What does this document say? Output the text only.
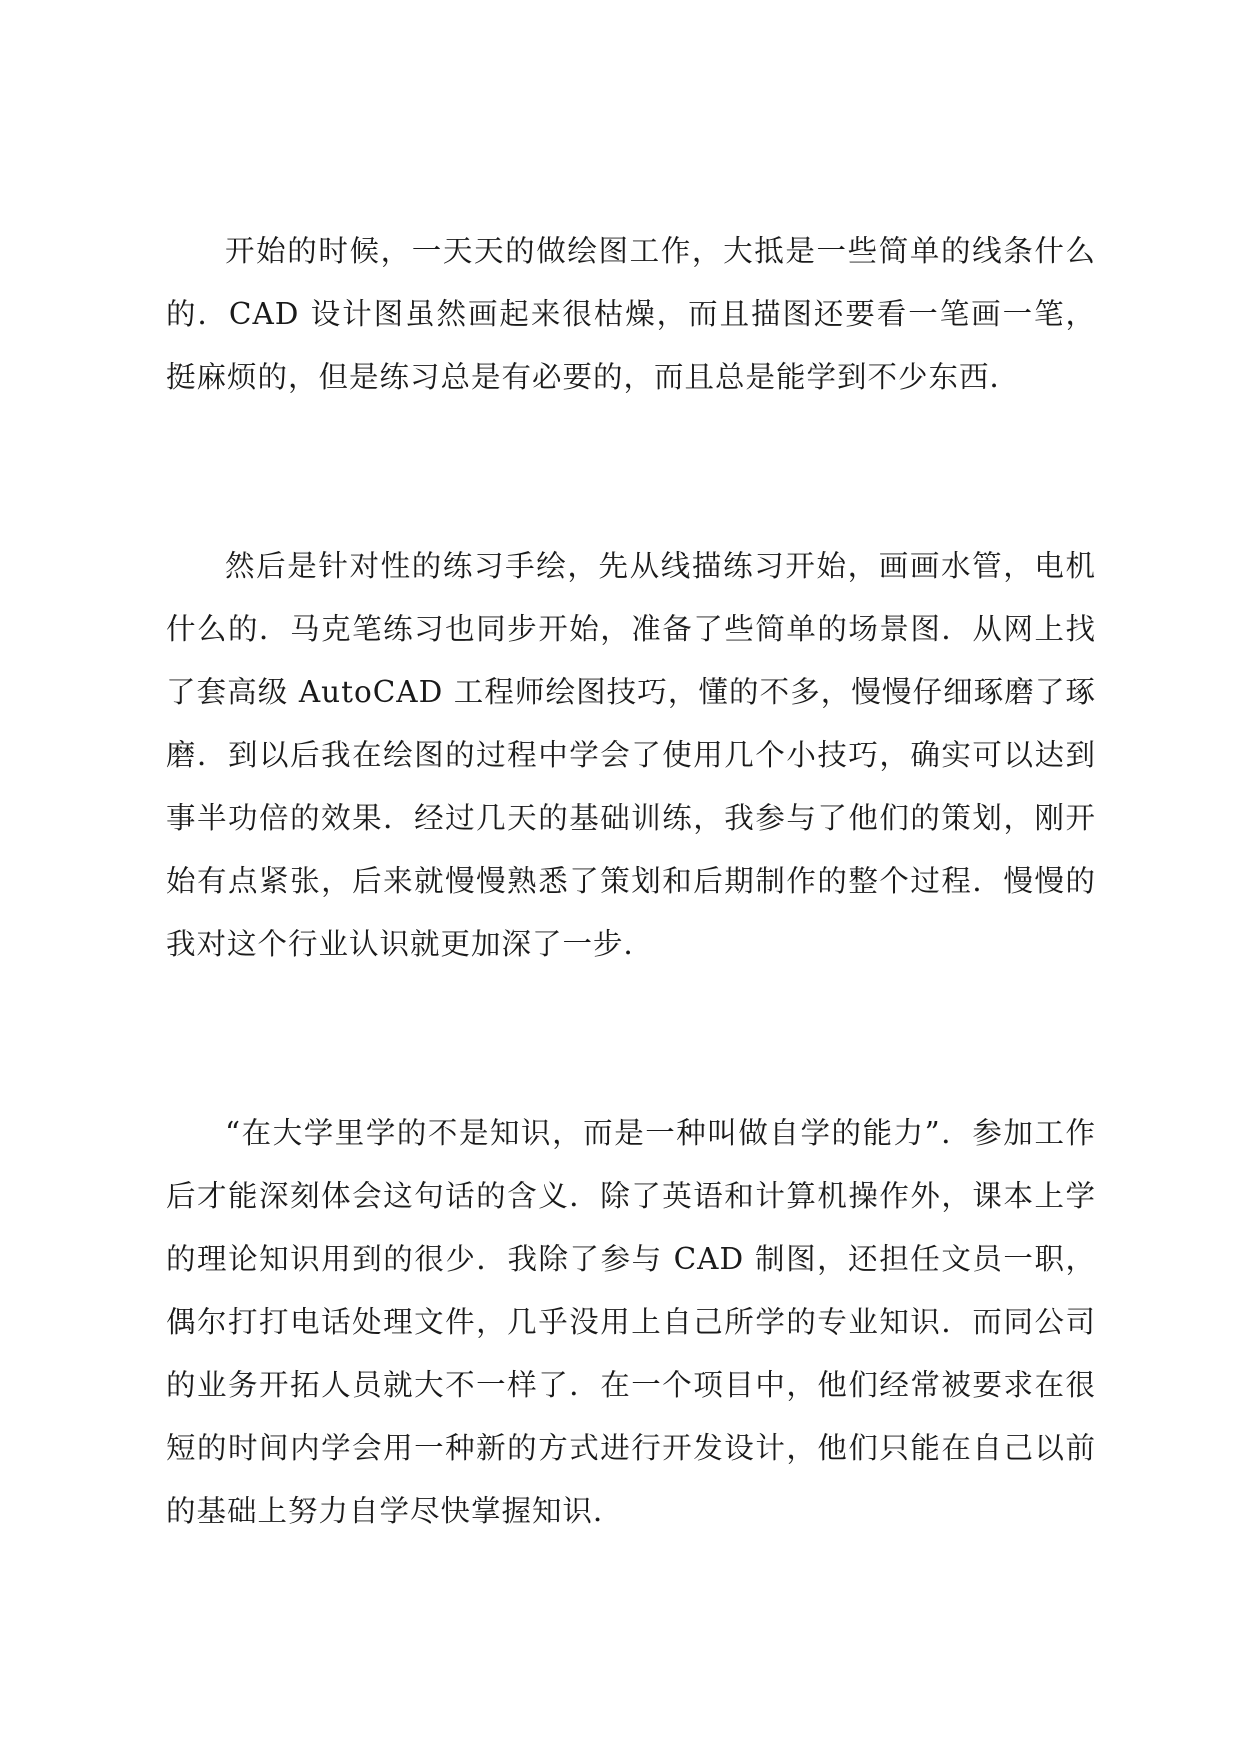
开始的时候，一天天的做绘图工作，大抵是一些简单的线条什么的．CAD 设计图虽然画起来很枯燥，而且描图还要看一笔画一笔，挺麻烦的，但是练习总是有必要的，而且总是能学到不少东西．

然后是针对性的练习手绘，先从线描练习开始，画画水管，电机什么的．马克笔练习也同步开始，准备了些简单的场景图．从网上找了套高级 AutoCAD 工程师绘图技巧，懂的不多，慢慢仔细琢磨了琢磨．到以后我在绘图的过程中学会了使用几个小技巧，确实可以达到事半功倍的效果．经过几天的基础训练，我参与了他们的策划，刚开始有点紧张，后来就慢慢熟悉了策划和后期制作的整个过程．慢慢的我对这个行业认识就更加深了一步．

“在大学里学的不是知识，而是一种叫做自学的能力”．参加工作后才能深刻体会这句话的含义．除了英语和计算机操作外，课本上学的理论知识用到的很少．我除了参与 CAD 制图，还担任文员一职，偶尔打打电话处理文件，几乎没用上自己所学的专业知识．而同公司的业务开拓人员就大不一样了．在一个项目中，他们经常被要求在很短的时间内学会用一种新的方式进行开发设计，他们只能在自己以前的基础上努力自学尽快掌握知识．
